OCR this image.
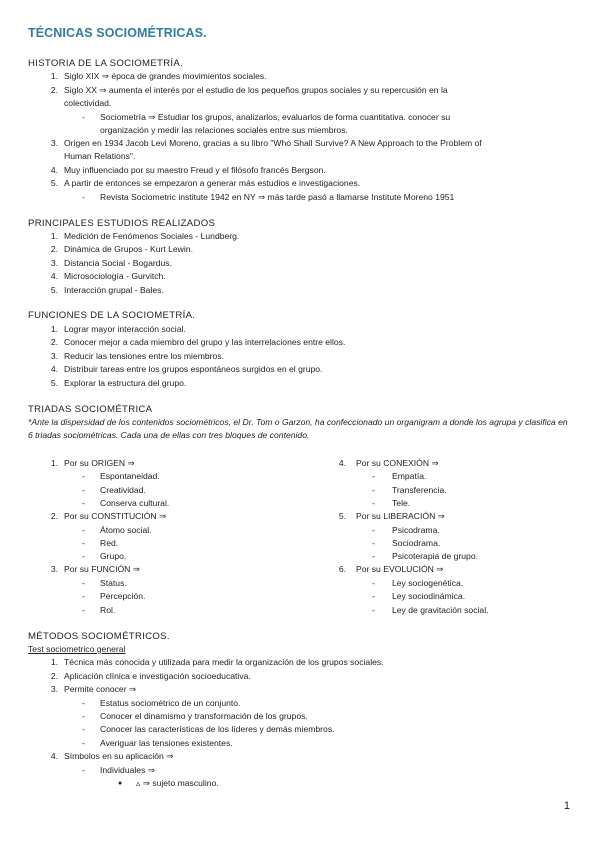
TÉCNICAS SOCIOMÉTRICAS.
HISTORIA DE LA SOCIOMETRÍA.
1. Siglo XIX ⇒ época de grandes movimientos sociales.
2. Siglo XX ⇒ aumenta el interés por el estudio de los pequeños grupos sociales y su repercusión en la
colectividad.
- Sociometría ⇒ Estudiar los grupos, analizarlos, evaluarlos de forma cuantitativa. conocer su
organización y medir las relaciones sociales entre sus miembros.
3. Origen en 1934 Jacob Levi Moreno, gracias a su libro "Who Shall Survive? A New Approach to the Problem of
Human Relations".
4. Muy influenciado por su maestro Freud y el filósofo francés Bergson.
5. A partir de entonces se empezaron a generar más estudios e investigaciones.
- Revista Sociometric institute 1942 en NY ⇒ más tarde pasó a llamarse Institute Moreno 1951
PRINCIPALES ESTUDIOS REALIZADOS
1. Medición de Fenómenos Sociales - Lundberg.
2. Dinámica de Grupos - Kurt Lewin.
3. Distancia Social - Bogardus.
4. Microsociología - Gurvitch.
5. Interacción grupal - Bales.
FUNCIONES DE LA SOCIOMETRÍA.
1. Lograr mayor interacción social.
2. Conocer mejor a cada miembro del grupo y las interrelaciones entre ellos.
3. Reducir las tensiones entre los miembros.
4. Distribuir tareas entre los grupos espontáneos surgidos en el grupo.
5. Explorar la estructura del grupo.
TRIADAS SOCIOMÉTRICA
*Ante la dispersidad de los contenidos sociométricos, el Dr. Tom o Garzon, ha confeccionado un organigram a donde los agrupa y clasifica en 6 triadas sociométricas. Cada una de ellas con tres bloques de contenido.
1. Por su ORIGEN ⇒
- Espontaneidad.
- Creatividad.
- Conserva cultural.
2. Por su CONSTITUCIÓN ⇒
- Átomo social.
- Red.
- Grupo.
3. Por su FUNCIÓN ⇒
- Status.
- Percepción.
- Rol.
4. Por su CONEXIÓN ⇒
- Empatía.
- Transferencia.
- Tele.
5. Por su LIBERACIÓN ⇒
- Psicodrama.
- Sociodrama.
- Psicoterapia de grupo.
6. Por su EVOLUCIÓN ⇒
- Ley sociogenética.
- Ley sociodinámica.
- Ley de gravitación social.
MÉTODOS SOCIOMÉTRICOS.
Test sociometrico general
1. Técnica más conocida y utilizada para medir la organización de los grupos sociales.
2. Aplicación clínica e investigación socioeducativa.
3. Permite conocer ⇒
- Estatus sociométrico de un conjunto.
- Conocer el dinamismo y transformación de los grupos.
- Conocer las características de los líderes y demás miembros.
- Averiguar las tensiones existentes.
4. Símbolos en su aplicación ⇒
- Individuales ⇒
● ▵ ⇒ sujeto masculino.
1
